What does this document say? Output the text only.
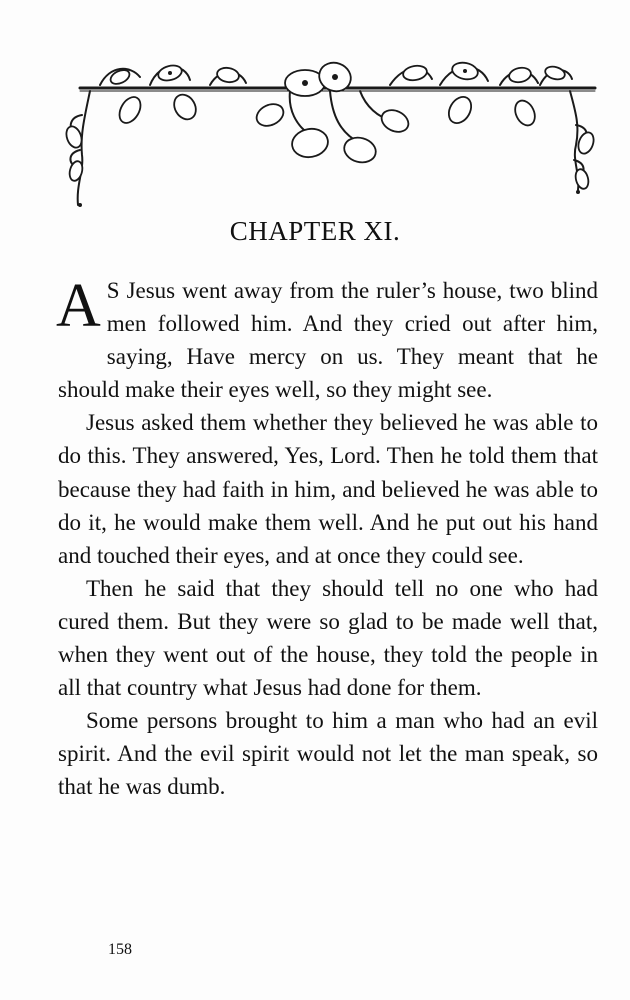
CHAPTER XI.

A S Jesus went away from the ruler’s house, two blind men followed him. And they cried out after him, saying, Have mercy on us. They meant that he should make their eyes well, so they might see.

Jesus asked them whether they believed he was able to do this. They answered, Yes, Lord. Then he told them that because they had faith in him, and believed he was able to do it, he would make them well. And he put out his hand and touched their eyes, and at once they could see.

Then he said that they should tell no one who had cured them. But they were so glad to be made well that, when they went out of the house, they told the people in all that country what Jesus had done for them.

Some persons brought to him a man who had an evil spirit. And the evil spirit would not let the man speak, so that he was dumb.

158
